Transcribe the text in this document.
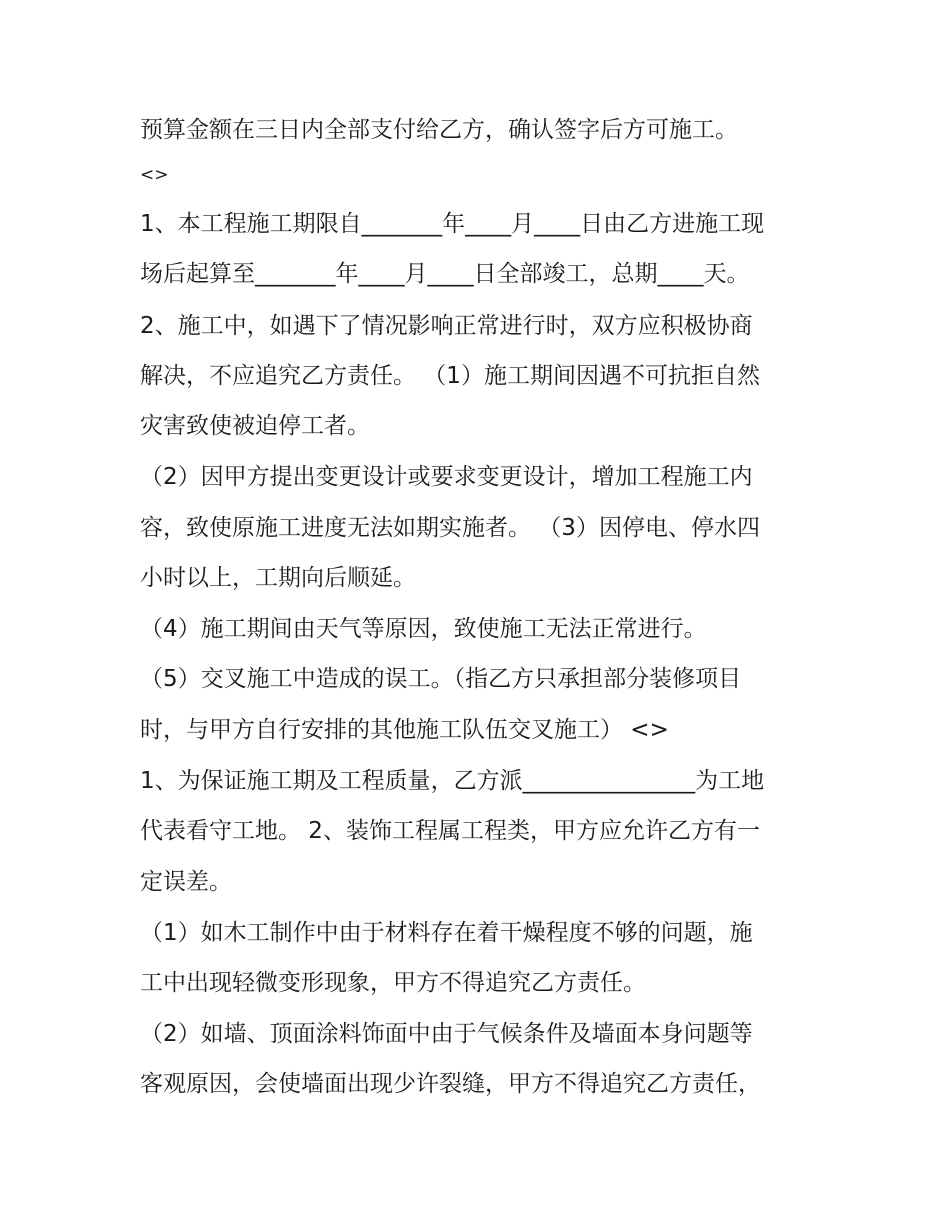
预算金额在三日内全部支付给乙方，确认签字后方可施工。
<>
1、本工程施工期限自_______年____月____日由乙方进施工现
场后起算至_______年____月____日全部竣工，总期____天。
2、施工中，如遇下了情况影响正常进行时，双方应积极协商
解决，不应追究乙方责任。 （1）施工期间因遇不可抗拒自然
灾害致使被迫停工者。
（2）因甲方提出变更设计或要求变更设计，增加工程施工内
容，致使原施工进度无法如期实施者。 （3）因停电、停水四
小时以上，工期向后顺延。
（4）施工期间由天气等原因，致使施工无法正常进行。
（5）交叉施工中造成的误工。（指乙方只承担部分装修项目
时，与甲方自行安排的其他施工队伍交叉施工） <>
1、为保证施工期及工程质量，乙方派_______________为工地
代表看守工地。 2、装饰工程属工程类，甲方应允许乙方有一
定误差。
（1）如木工制作中由于材料存在着干燥程度不够的问题，施
工中出现轻微变形现象，甲方不得追究乙方责任。
（2）如墙、顶面涂料饰面中由于气候条件及墙面本身问题等
客观原因，会使墙面出现少许裂缝，甲方不得追究乙方责任，
